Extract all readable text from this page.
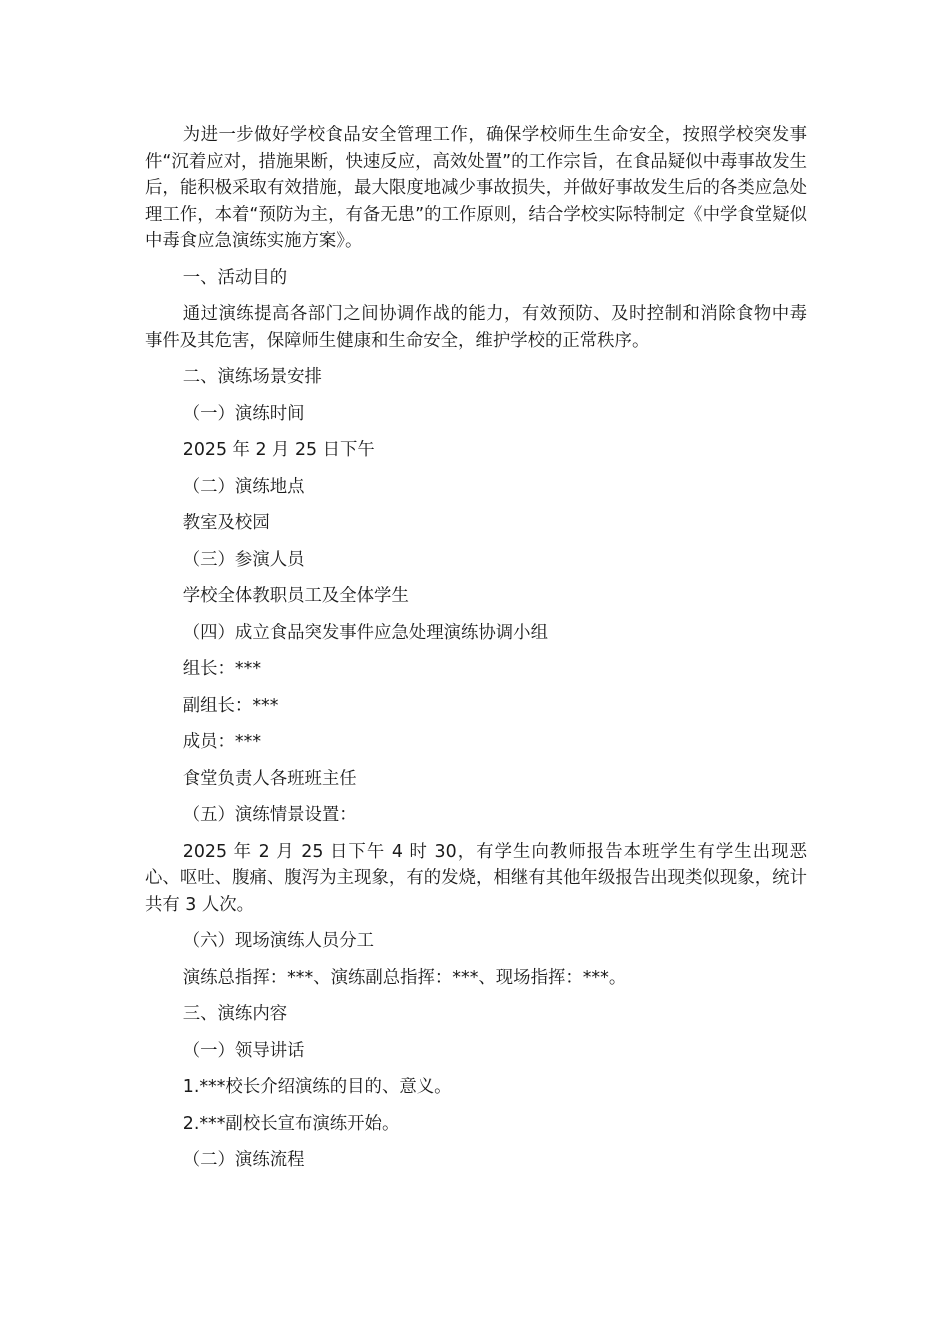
为进一步做好学校食品安全管理工作，确保学校师生生命安全，按照学校突发事件“沉着应对，措施果断，快速反应，高效处置”的工作宗旨，在食品疑似中毒事故发生后，能积极采取有效措施，最大限度地减少事故损失，并做好事故发生后的各类应急处理工作，本着“预防为主，有备无患”的工作原则，结合学校实际特制定《中学食堂疑似中毒食应急演练实施方案》。

一、活动目的

通过演练提高各部门之间协调作战的能力，有效预防、及时控制和消除食物中毒事件及其危害，保障师生健康和生命安全，维护学校的正常秩序。

二、演练场景安排

（一）演练时间

2025 年 2 月 25 日下午

（二）演练地点

教室及校园

（三）参演人员

学校全体教职员工及全体学生

（四）成立食品突发事件应急处理演练协调小组

组长：***

副组长：***

成员：***

食堂负责人各班班主任

（五）演练情景设置：

2025 年 2 月 25 日下午 4 时 30，有学生向教师报告本班学生有学生出现恶心、呕吐、腹痛、腹泻为主现象，有的发烧，相继有其他年级报告出现类似现象，统计共有 3 人次。

（六）现场演练人员分工

演练总指挥：***、演练副总指挥：***、现场指挥：***。

三、演练内容

（一）领导讲话

1.***校长介绍演练的目的、意义。

2.***副校长宣布演练开始。

（二）演练流程
